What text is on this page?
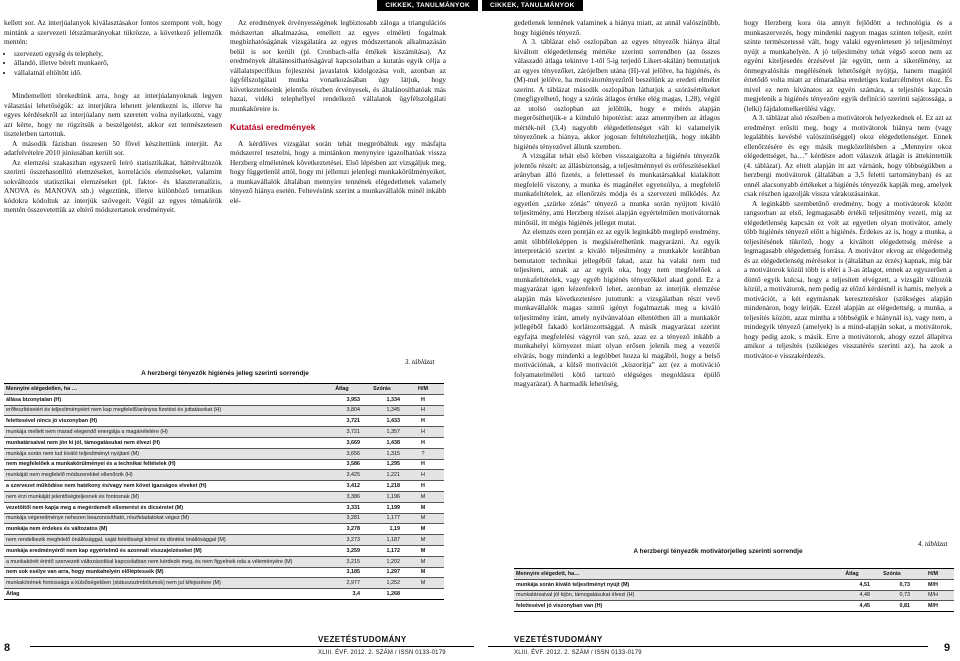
CIKKEK, TANULMÁNYOK

kellett sor. Az interjúalanyok kiválasztásakor fontos szempont volt, hogy mintánk a szervezeti létszámarányokat tükrözze, a következő jellemzők mentén:

• szervezeti egység és telephely,
• állandó, illetve bérelt munkaerő,
• vállalatnál eltöltött idő.

Mindemellett törekedtünk arra, hogy az interjúalanyoknak legyen választási lehetőségük: az interjúkra lehetett jelentkezni is, illetve ha egyes kérdésekről az interjúalany nem szeretett volna nyilatkozni, vagy azt kérte, hogy ne rögzítsük a beszélgetést, akkor ezt természetesen tiszteletben tartottuk.

A második fázisban összesen 50 fővel készítettünk interjút. Az adatfelvételre 2010 júniusában került sor.

Az elemzési szakaszban egyszerű leíró statisztikákat, háttérváltozók szerinti összehasonlító elemzéseket, korrelációs elemzéseket, valamint sokváltozós statisztikai elemzéseket (pl. faktor- és klaszteranalízis, ANOVA és MANOVA stb.) végeztünk, illetve különböző tematikus kódokra kódoltuk az interjúk szövegeit. Végül az egyes témakörök mentén összevetettük az eltérő módszertanok eredményeit.

Az eredmények érvényességének legbiztosabb záloga a triangulációs módszertan alkalmazása, emellett az egyes elméleti fogalmak megbízhatóságának vizsgálatára az egyes módszertanok alkalmazásán belül is sor került (pl. Cronbach-alfa értékek kiszámítása). Az eredmények általánosíthatóságával kapcsolatban a kutatás egyik célja a vállalatspecifikus fejlesztési javaslatok kidolgozása volt, azonban az ügyfélszolgálati munka vonatkozásában úgy látjuk, hogy következtetéseink jelentős részben érvényesek, és általánosíthatóak más hazai, vidéki telephellyel rendelkező vállalatok ügyfélszolgálati munkaköreire is.

Kutatási eredmények

A kérdőíves vizsgálat során tehát megpróbáltuk egy másfajta módszerrel tesztelni, hogy a mintánkon menynyire igazolhatóak vissza Herzberg elméletének következtetései. Első lépésben azt vizsgáljuk meg, hogy függetlenül attól, hogy mi jellemzi jelenlegi munkakörülményeiket, a munkavállalók általában mennyire tennének elégedetlenek valamely tényező hiánya esetén. Feltevésünk szerint a munkavállalók minél inkább elé-

3. táblázat
A herzbergi tényezők higiénés jelleg szerinti sorrendje
Mennyire elégedetlen, ha …	Átlag	Szórás	H/M
állása bizonytalan (H)	3,953	1,334	H
erőfeszítéseiért és teljesítményéért nem kap megfelelő/arányos fizetést és juttatásokat (H)	3,804	1,345	H
felettesével nincs jó viszonyban (H)	3,721	1,433	H
munkája mellett nem marad elegendő energiája a magánéletére (H)	3,721	1,357	H
munkatársaival nem jön ki jól, támogatásukat nem élvezi (H)	3,669	1,438	H
munkája során nem tud kiváló teljesítményt nyújtani (M)	3,656	1,315	?
nem megfelelőek a munkakörülményei és a technikai feltételek (H)	3,586	1,295	H
munkáját nem megfelelő módszerekkel ellenőrzik (H)	3,425	1,221	H
a szervezet működése nem hatékony és/vagy nem követ igazságos elveket (H)	3,412	1,218	H
nem érzi munkáját jelentőségteljesnek és fontosnak (M)	3,386	1,196	M
vezetőitől nem kapja meg a megérdemelt elismerést és dicséretet (M)	3,331	1,199	M
munkája végeredménye nehezen beazonosítható, részfeladatokat végez (M)	3,281	1,177	M
munkája nem érdekes és változatos (M)	3,278	1,19	M
nem rendelkezik megfelelő önállósággal, saját felelősségi körrel és döntési önállósággal (M)	3,273	1,187	M
munkája eredményéről nem kap egyértelmű és azonnali visszajelzéseket (M)	3,259	1,172	M
a munkakörét érintő szervezeti változásokkal kapcsolatban nem kérdezik meg, és nem figyelnek oda a véleményére (M)	3,215	1,202	M
nem sok esélye van arra, hogy munkahelyén előléptessék (M)	3,185	1,297	M
munkakörének fontossága a külsőségekben (státuszszimbólumok) nem jut kifejezésre (M)	2,977	1,252	M
Átlag	3,4	1,268	
8
VEZETÉSTUDOMÁNY
XLIII. ÉVF. 2012. 2. SZÁM / ISSN 0133-0179
CIKKEK, TANULMÁNYOK

gedetlenek lennének valaminek a hiánya miatt, az annál valószínűbb, hogy higiénés tényező.

A 3. táblázat első oszlopában az egyes tényezők hiánya által kiváltott elégedetlenség mértéke szerinti sorrendben (az összes válaszadó átlaga tekintve 1-től 5-ig terjedő Likert-skálán) bemutatjuk az egyes tényezőket, zárójelben utána (H)-val jelölve, ha higiénés, és (M)-mel jelölve, ha motivátortényezőről beszélünk az eredeti elmélet szerint. A táblázat második oszlopában láthatjuk a szórásértékeket (megfigyelhető, hogy a szórás átlagos értéke elég magas, 1,28), végül az utolsó oszlopban azt jelöltük, hogy e mérés alapján megerősíthetjük-e a kiinduló hipotézist: azaz amennyiben az átlagos mérték-nél (3,4) nagyobb elégedetlenséget vált ki valamelyik tényezőnek a hiánya, akkor jogosan feltételezhetjük, hogy inkább higiénés tényezővel állunk szemben.

A vizsgálat tehát első körben visszaigazolta a higiénés tényezők jelentős részét: az állásbiztonság, a teljesítménnyel és erőfeszítésekkel arányban álló fizetés, a felettessel és munkatársakkal kialakított megfelelő viszony, a munka és magánélet egyensúlya, a megfelelő munkafeltételek, az ellenőrzés módja és a szervezeti működés. Az egyetlen „szürke zónás” tényező a munka során nyújtott kiváló teljesítmény, ami Herzberg tézisei alapján egyértelműen motivátornak minősül, itt mégis higiénés jelleget mutat.

Az elemzés ezen pontján ez az egyik leginkább meglepő eredmény, amit többféleképpen is megkísérelhetünk magyarázni. Az egyik interpretáció szerint a kiváló teljesítmény a munkakör korábban bemutatott technikai jellegéből fakad, azaz ha valaki nem tud teljesíteni, annak az az egyik oka, hogy nem megfelelőek a munkafeltételek, vagy egyéb higiénés tényezőkkel akad gond. Ez a magyarázat igen kézenfekvő lehet, azonban az interjúk elemzése alapján más következtetésre jutottunk: a vizsgálatban részt vevő munkavállalók magas szintű igényt fogalmaztak meg a kiváló teljesítmény iránt, amely nyilvánvalóan ellentétben áll a munkakör jellegéből fakadó korlátozottsággal. A másik magyarázat szerint egyfajta megfelelési vágyról van szó, azaz ez a tényező inkább a munkahelyi környezet miatt olyan erősen jelenik meg a vezetői elvárás, hogy mindenki a legtöbbet hozza ki magából, hogy a belső motivációnak, a külső motivációt „kiszorítja” azt (ez a motiváció folyamatelméleti kötő tartozó elégséges megoldásra épülő magyarázat). A harmadik lehetőség,

hogy Herzberg kora óta annyit fejlődött a technológia és a munkaszervezés, hogy mindenki nagyon magas szinten teljesít, ezért szinte természetessé vált, hogy valaki egyenletesen jó teljesítményt nyújt a munkahelyén. A jó teljesítmény tehát végső soron nem az egyéni kiteljesedés érzésével jár együtt, nem a sikerélmény, az önmegvalósítás megélésének lehetőségét nyújtja, hanem magától értetődő volta miatt az elmaradása eredetiges kudarcélményt okoz. És mivel ez nem kívánatos az egyén számára, a teljesítés kapcsán megjelenik a higiénés tényezőre egyik definíció szerinti sajátossága, a (lelki) fájdalomelkerülési vágy.

A 3. táblázat alsó részében a motivátorok helyezkednek el. Ez azt az eredményt erősíti meg, hogy a motivátorok hiánya nem (vagy legalábbis kevésbé valószínűséggel) okoz elégedetlenséget. Ennek ellenőrzésére és egy másik megközelítésben a „Mennyire okoz elégedettséget, ha…” kérdésre adott válaszok átlagát is áttekintettük (4. táblázat). Az eltelt alapján itt azt várnánk, hogy többségükben a herzbergi motivátorok (általában a 3,5 feletti tartományban) és az ennél alacsonyabb értékeket a higiénés tényezők kapják meg, amelyek csak részben igazolják vissza várakozásainkat.

A leginkább szembetűnő eredmény, hogy a motivátorok között rangsorban az első, legmagasabb értékű teljesítmény vezeti, míg az elégedetlenség kapcsán ez volt az egyetlen olyan motivátor, amely több higiénés tényező előtt a higiénés. Érdekes az is, hogy a munka, a teljesítésének tükröző, hogy a kiváltott elégedettség mérése a legmagasabb elégedettség forrása. A motivátor ekvog az elégedettség és az elégedetlenség mérésekor is (általában az érzés) kapnak, míg bár a motivátorok közül több is eléri a 3-as átlagot, ennek az egyszerűen a döntő egyik kulcsa, hogy a teljesített elvégzett, a vizsgált változók közül, a motivátorok, nem pedig az előző kérdésnél is hamis, melyek a motivációt, a két egymásnak keresztezéskor (szükséges alapján mindenáron, hogy leírják. Ezzel alapján az elégedettség, a munka, a teljesítés között, azaz mintha a többségük e hiánynál is), vagy nem, a mindegyik tényező (amelyek) is a mind-alapján sokat, a motivátorok, hogy pedig azok, s másik. Erre a motivátorok, ahogy ezzel állapítva amikor a teljesítés (szükséges visszatérés szerinti az), ha azok a motivátor-e visszakérdezés.

4. táblázat
A herzbergi tényezők motivátorjelleg szerinti sorrendje
Mennyire elégedett, ha…	Átlag	Szórás	H/M
munkája során kiváló teljesítményt nyújt (M)	4,51	0,73	M/H
munkatársaival jól kijön, támogatásukat élvezi (H)	4,48	0,73	M/H
felettesével jó viszonyban van (H)	4,45	0,81	M/H
VEZETÉSTUDOMÁNY
XLIII. ÉVF. 2012. 2. SZÁM / ISSN 0133-0179	9
